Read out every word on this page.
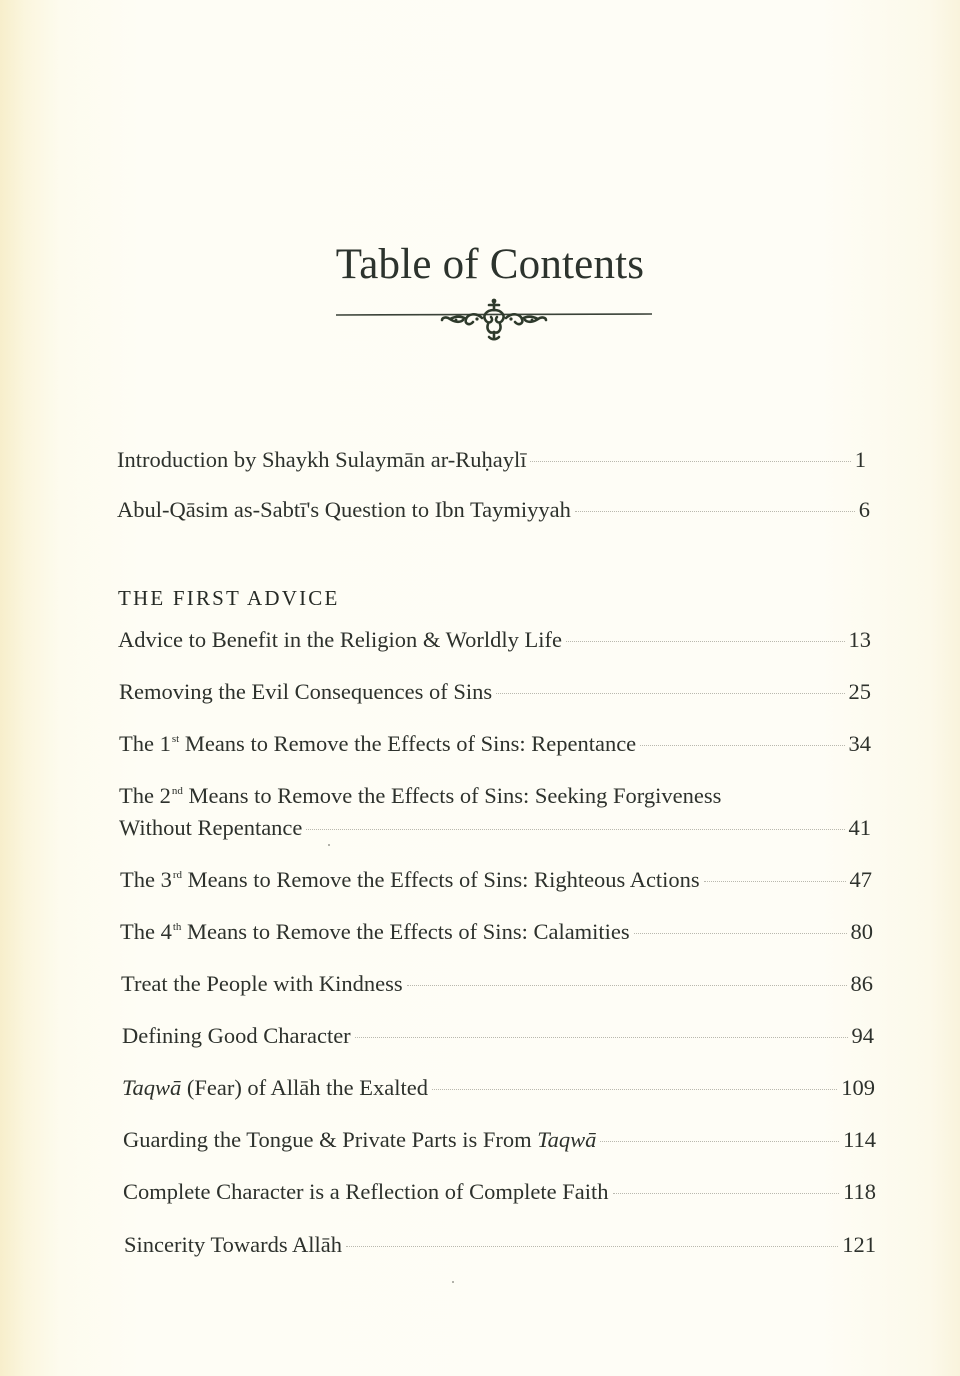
Table of Contents
Introduction by Shaykh Sulaymān ar-Ruḥaylī	1
Abul-Qāsim as-Sabtī's Question to Ibn Taymiyyah	6
THE FIRST ADVICE
Advice to Benefit in the Religion & Worldly Life	13
Removing the Evil Consequences of Sins	25
The 1st Means to Remove the Effects of Sins: Repentance	34
The 2nd Means to Remove the Effects of Sins: Seeking Forgiveness
Without Repentance	41
The 3rd Means to Remove the Effects of Sins: Righteous Actions	47
The 4th Means to Remove the Effects of Sins: Calamities	80
Treat the People with Kindness	86
Defining Good Character	94
Taqwā (Fear) of Allāh the Exalted	109
Guarding the Tongue & Private Parts is From Taqwā	114
Complete Character is a Reflection of Complete Faith	118
Sincerity Towards Allāh	121
